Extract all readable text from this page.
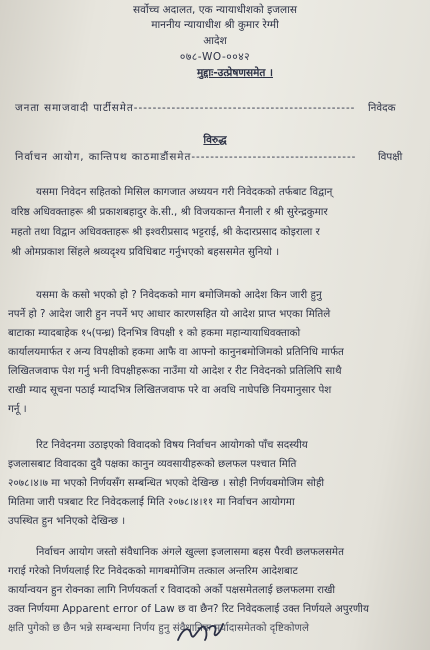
सर्वोच्च अदालत, एक न्यायाधीशको इजलास
माननीय न्यायाधीश श्री कुमार रेग्मी
आदेश
०७८-WO-००४२
मुद्दाः-उत्प्रेषणसमेत ।
जनता समाजवादी पार्टीसमेत-----------------------------------------------	निवेदक
विरुद्ध
निर्वाचन आयोग, कान्तिपथ काठमाडौंसमेत-----------------------------------	विपक्षी
यसमा निवेदन सहितको मिसिल कागजात अध्ययन गरी निवेदकको तर्फबाट विद्वान्
वरिष्ठ अधिवक्ताहरू श्री प्रकाशबहादुर के.सी., श्री विजयकान्त मैनाली र श्री सुरेन्द्रकुमार
महतो तथा विद्वान अधिवक्ताहरू श्री इश्वरीप्रसाद भट्टराई, श्री केदारप्रसाद कोइराला र
श्री ओमप्रकाश सिंहले श्रव्यदृश्य प्रविधिबाट गर्नुभएको बहससमेत सुनियो ।
यसमा के कसो भएको हो ? निवेदकको माग बमोजिमको आदेश किन जारी हुनु
नपर्ने हो ? आदेश जारी हुन नपर्ने भए आधार कारणसहित यो आदेश प्राप्त भएका मितिले
बाटाका म्यादबाहेक १५(पन्ध्र) दिनभित्र विपक्षी १ को हकमा महान्यायाधिवक्ताको
कार्यालयमार्फत र अन्य विपक्षीको हकमा आफै वा आफ्नो कानुनबमोजिमको प्रतिनिधि मार्फत
लिखितजवाफ पेश गर्नु भनी विपक्षीहरूका नाउँमा यो आदेश र रीट निवेदनको प्रतिलिपि साथै
राखी म्याद सूचना पठाई म्यादभित्र लिखितजवाफ परे वा अवधि नाघेपछि नियमानुसार पेश
गर्नू ।
रिट निवेदनमा उठाइएको विवादको विषय निर्वाचन आयोगको पाँच सदस्यीय
इजलासबाट विवादका दुवै पक्षका कानुन व्यवसायीहरूको छलफल पश्चात मिति
२०७८।४।७ मा भएको निर्णयसँग सम्बन्धित भएको देखिन्छ । सोही निर्णयबमोजिम सोही
मितिमा जारी पत्रबाट रिट निवेदकलाई मिति २०७८।४।११ मा निर्वाचन आयोगमा
उपस्थित हुन भनिएको देखिन्छ ।
निर्वाचन आयोग जस्तो संवैधानिक अंगले खुल्ला इजलासमा बहस पैरवी छलफलसमेत
गराई गरेको निर्णयलाई रिट निवेदकको मागबमोजिम तत्काल अन्तरिम आदेशबाट
कार्यान्वयन हुन रोक्नका लागि निर्णयकर्ता र विवादको अर्को पक्षसमेतलाई छलफलमा राखी
उक्त निर्णयमा Apparent error of Law छ वा छैन? रिट निवेदकलाई उक्त निर्णयले अपुरणीय
क्षति पुगेको छ छैन भन्ने सम्बन्धमा निर्णय हुनु संवैधानिक मर्यादासमेतको दृष्टिकोणले
